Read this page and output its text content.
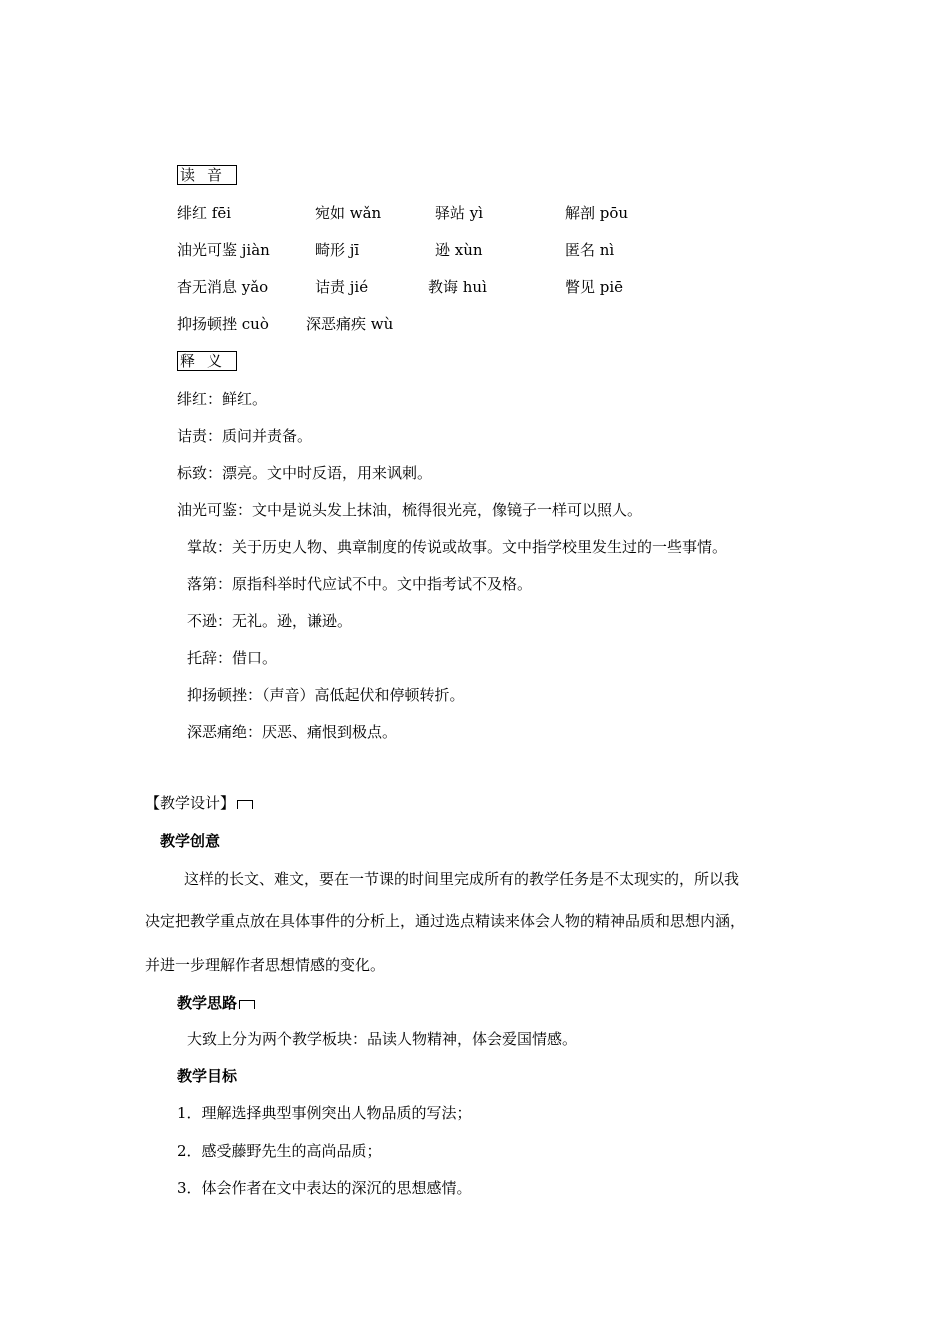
读音
绯红 fēi	宛如 wǎn	驿站 yì	解剖 pōu
油光可鉴 jiàn	畸形 jī	逊 xùn	匿名 nì
杳无消息 yǎo	诘责 jié	教诲 huì	瞥见 piē
抑扬顿挫 cuò 深恶痛疾 wù
释义
绯红：鲜红。
诘责：质问并责备。
标致：漂亮。文中时反语，用来讽刺。
油光可鉴：文中是说头发上抹油，梳得很光亮，像镜子一样可以照人。
掌故：关于历史人物、典章制度的传说或故事。文中指学校里发生过的一些事情。
落第：原指科举时代应试不中。文中指考试不及格。
不逊：无礼。逊，谦逊。
托辞：借口。
抑扬顿挫：（声音）高低起伏和停顿转折。
深恶痛绝：厌恶、痛恨到极点。
【教学设计】
教学创意
这样的长文、难文，要在一节课的时间里完成所有的教学任务是不太现实的，所以我
决定把教学重点放在具体事件的分析上，通过选点精读来体会人物的精神品质和思想内涵，
并进一步理解作者思想情感的变化。
教学思路
大致上分为两个教学板块：品读人物精神，体会爱国情感。
教学目标
1．理解选择典型事例突出人物品质的写法；
2．感受藤野先生的高尚品质；
3．体会作者在文中表达的深沉的思想感情。
